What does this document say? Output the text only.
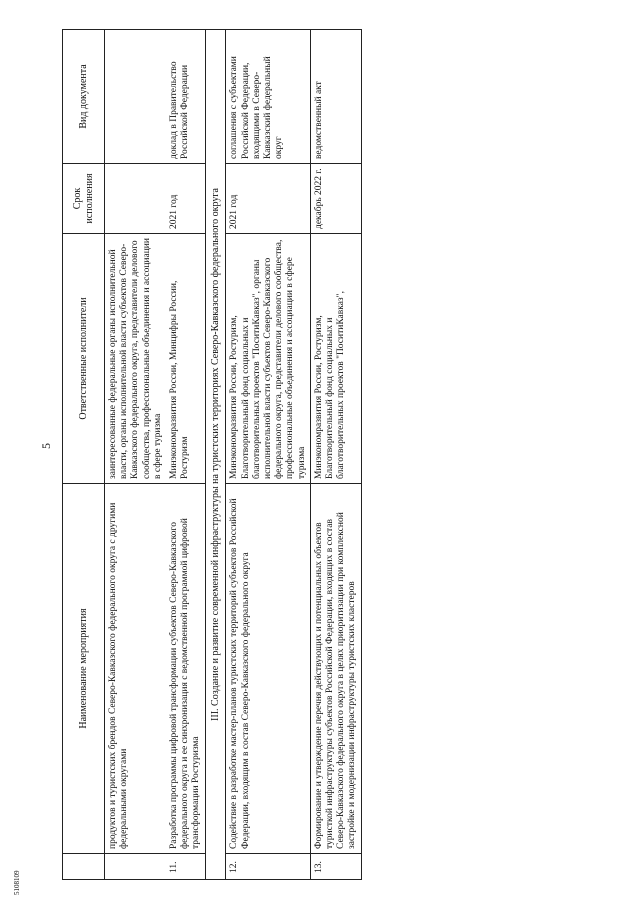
5
5108109
	Наименование мероприятия	Ответственные исполнители	Срок исполнения	Вид документа
	продуктов и туристских брендов Северо-Кавказского федерального округа с другими федеральными округами	заинтересованные федеральные органы исполнительной власти, органы исполнительной власти субъектов Северо-Кавказского федерального округа, представители делового сообщества, профессиональные объединения и ассоциации в сфере туризма		
11.	Разработка программы цифровой трансформации субъектов Северо-Кавказского федерального округа и ее синхронизация с ведомственной программой цифровой трансформации Ростуризма	Минэкономразвития России, Минцифры России, Ростуризм	2021 год	доклад в Правительство Российской Федерации
III. Создание и развитие современной инфраструктуры на туристских территориях Северо-Кавказского федерального округа				
12.	Содействие в разработке мастер-планов туристских территорий субъектов Российской Федерации, входящим в состав Северо-Кавказского федерального округа	Минэкономразвития России, Ростуризм, Благотворительный фонд социальных и благотворительных проектов "ПоситиКавказ", органы исполнительной власти субъектов Северо-Кавказского федерального округа, представители делового сообщества, профессиональные объединения и ассоциации в сфере туризма	2021 год	соглашения с субъектами Российской Федерации, входящими в Северо-Кавказский федеральный округ
13.	Формирование и утверждение перечня действующих и потенциальных объектов туристкой инфраструктуры субъектов Российской Федерации, входящих в состав Северо-Кавказского федерального округа в целях приоритизации при комплексной застройке и модернизации инфраструктуры туристских кластеров	Минэкономразвития России, Ростуризм, Благотворительный фонд социальных и благотворительных проектов "ПоситиКавказ",	декабрь 2022 г.	ведомственный акт
